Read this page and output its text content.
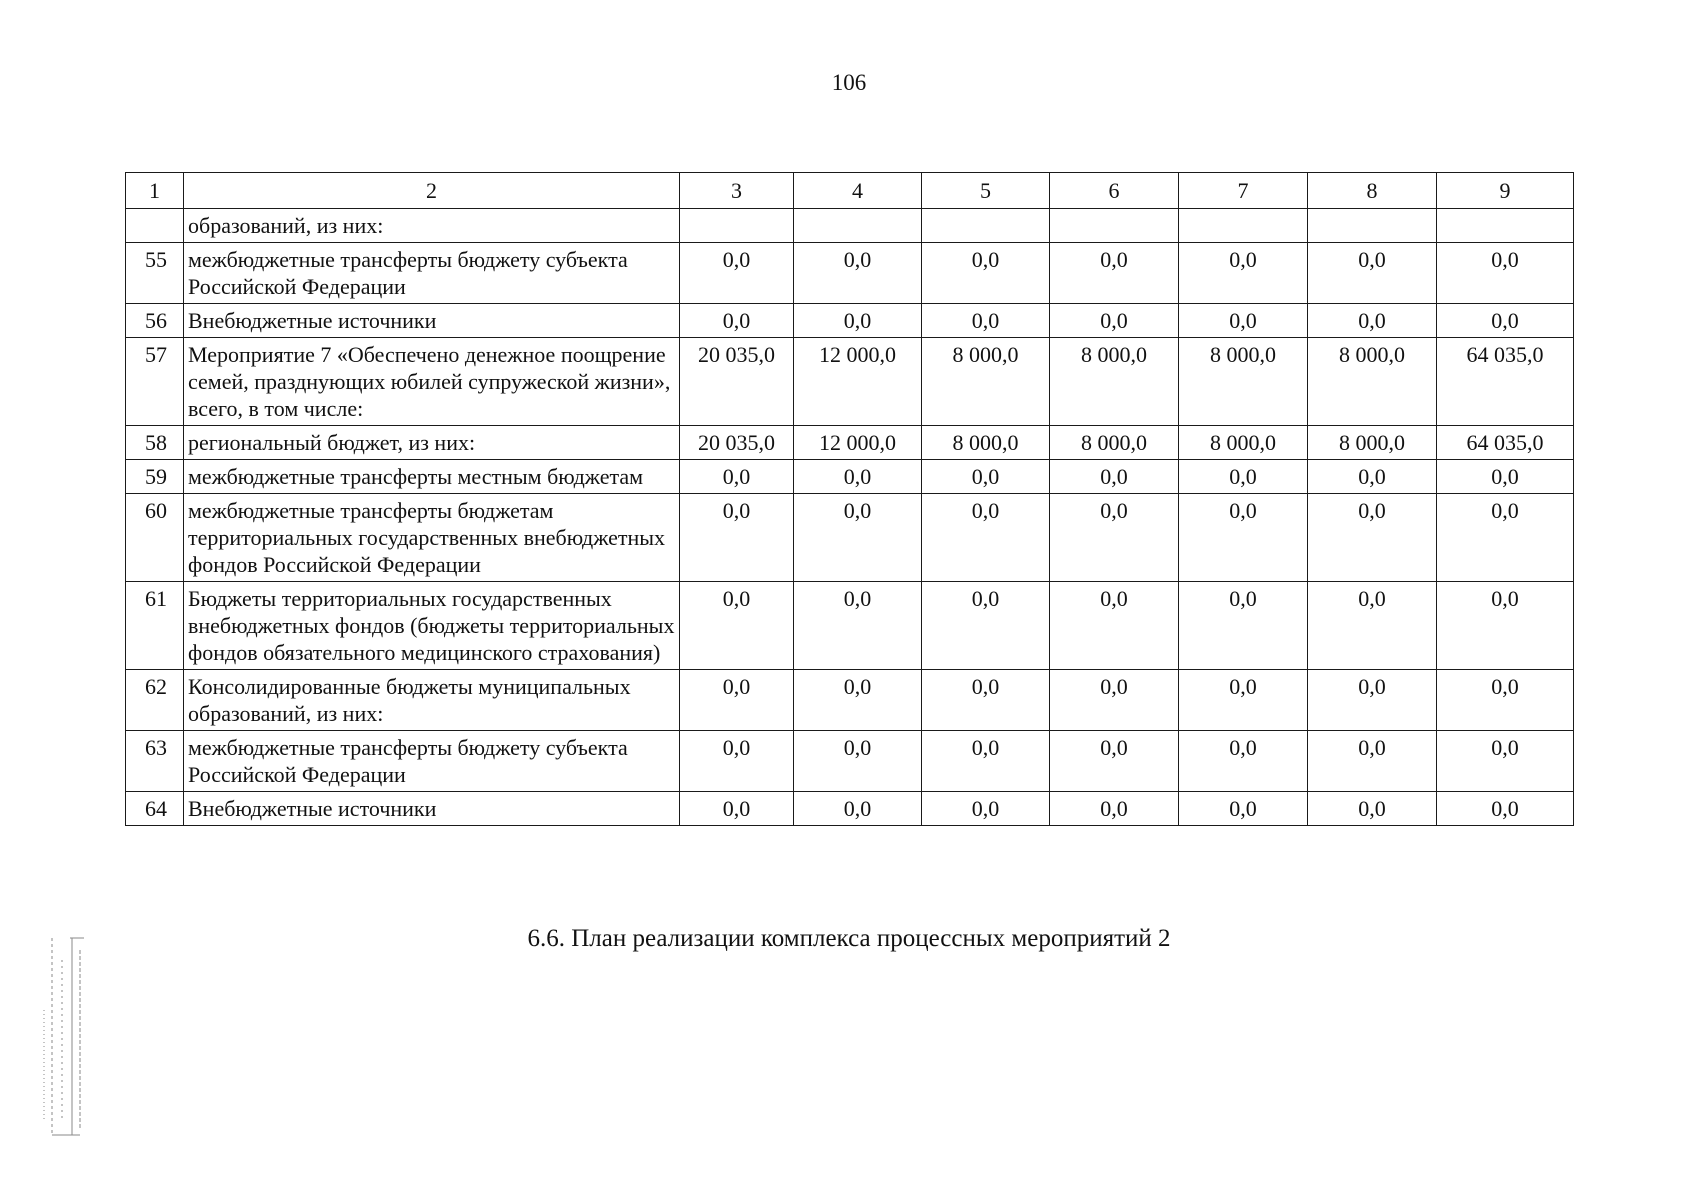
106
1	2	3	4	5	6	7	8	9
	образований, из них:							
55	межбюджетные трансферты бюджету субъекта Российской Федерации	0,0	0,0	0,0	0,0	0,0	0,0	0,0
56	Внебюджетные источники	0,0	0,0	0,0	0,0	0,0	0,0	0,0
57	Мероприятие 7 «Обеспечено денежное поощрение семей, празднующих юбилей супружеской жизни», всего, в том числе:	20 035,0	12 000,0	8 000,0	8 000,0	8 000,0	8 000,0	64 035,0
58	региональный бюджет, из них:	20 035,0	12 000,0	8 000,0	8 000,0	8 000,0	8 000,0	64 035,0
59	межбюджетные трансферты местным бюджетам	0,0	0,0	0,0	0,0	0,0	0,0	0,0
60	межбюджетные трансферты бюджетам территориальных государственных внебюджетных фондов Российской Федерации	0,0	0,0	0,0	0,0	0,0	0,0	0,0
61	Бюджеты территориальных государственных внебюджетных фондов (бюджеты территориальных фондов обязательного медицинского страхования)	0,0	0,0	0,0	0,0	0,0	0,0	0,0
62	Консолидированные бюджеты муниципальных образований, из них:	0,0	0,0	0,0	0,0	0,0	0,0	0,0
63	межбюджетные трансферты бюджету субъекта Российской Федерации	0,0	0,0	0,0	0,0	0,0	0,0	0,0
64	Внебюджетные источники	0,0	0,0	0,0	0,0	0,0	0,0	0,0
6.6. План реализации комплекса процессных мероприятий 2
